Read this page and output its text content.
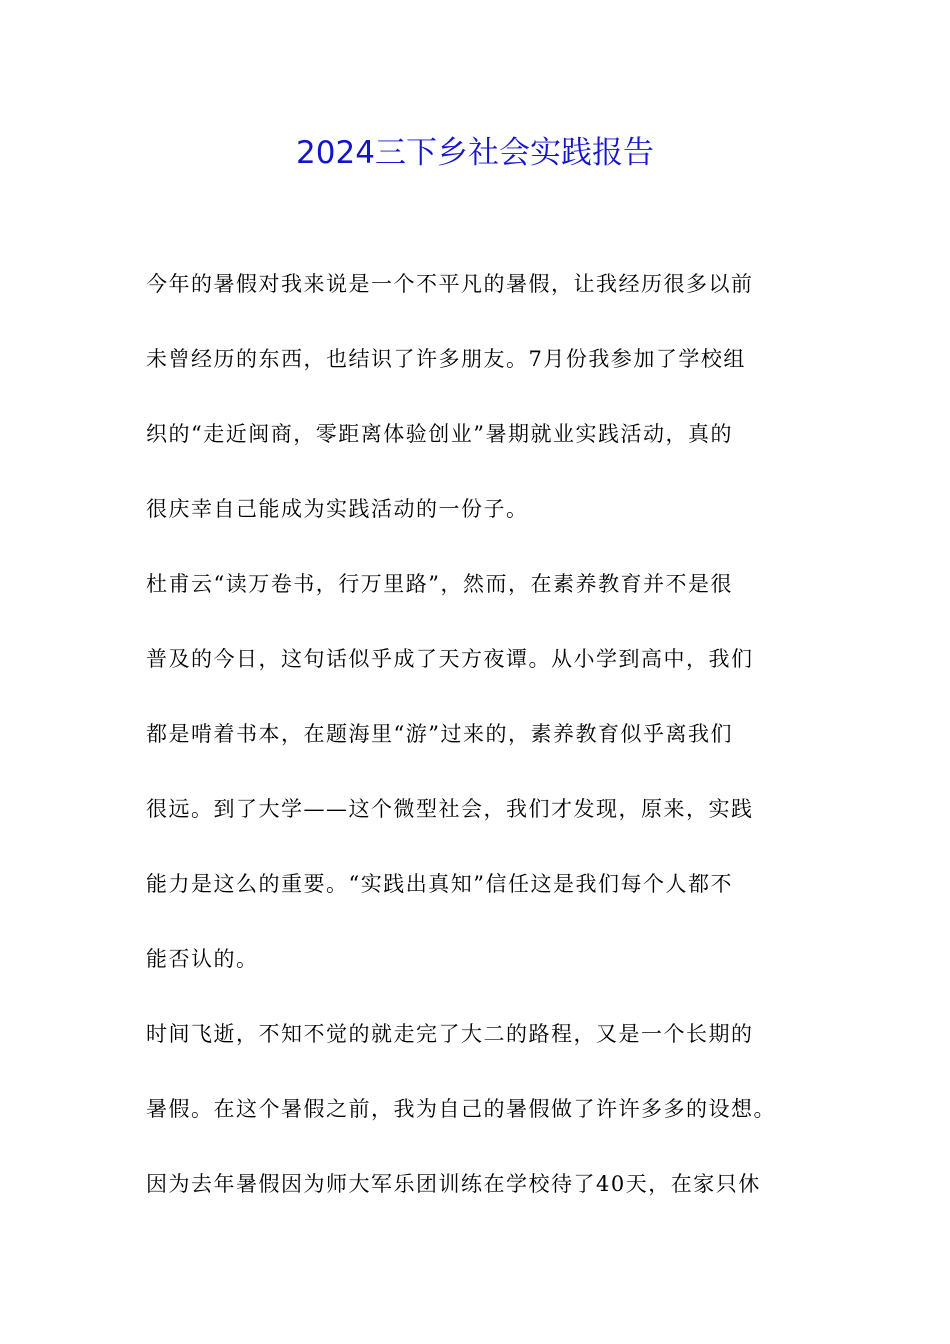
2024三下乡社会实践报告
今年的暑假对我来说是一个不平凡的暑假，让我经历很多以前
未曾经历的东西，也结识了许多朋友。7月份我参加了学校组
织的“走近闽商，零距离体验创业”暑期就业实践活动，真的
很庆幸自己能成为实践活动的一份子。
杜甫云“读万卷书，行万里路”，然而，在素养教育并不是很
普及的今日，这句话似乎成了天方夜谭。从小学到高中，我们
都是啃着书本，在题海里“游”过来的，素养教育似乎离我们
很远。到了大学——这个微型社会，我们才发现，原来，实践
能力是这么的重要。“实践出真知”信任这是我们每个人都不
能否认的。
时间飞逝，不知不觉的就走完了大二的路程，又是一个长期的
暑假。在这个暑假之前，我为自己的暑假做了许许多多的设想。
因为去年暑假因为师大军乐团训练在学校待了40天，在家只休
